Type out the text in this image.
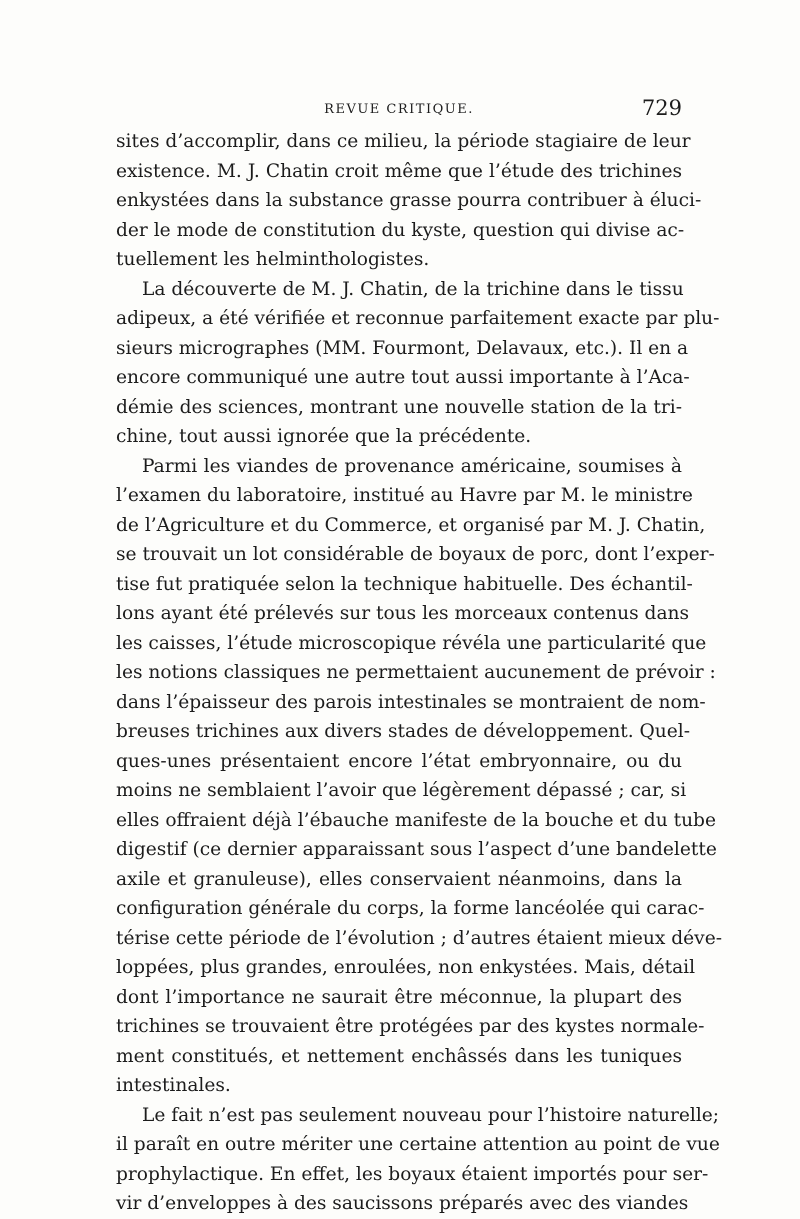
REVUE CRITIQUE.	729
sites d’accomplir, dans ce milieu, la période stagiaire de leur
existence. M. J. Chatin croit même que l’étude des trichines
enkystées dans la substance grasse pourra contribuer à éluci-
der le mode de constitution du kyste, question qui divise ac-
tuellement les helminthologistes.
La découverte de M. J. Chatin, de la trichine dans le tissu
adipeux, a été vérifiée et reconnue parfaitement exacte par plu-
sieurs micrographes (MM. Fourmont, Delavaux, etc.). Il en a
encore communiqué une autre tout aussi importante à l’Aca-
démie des sciences, montrant une nouvelle station de la tri-
chine, tout aussi ignorée que la précédente.
Parmi les viandes de provenance américaine, soumises à
l’examen du laboratoire, institué au Havre par M. le ministre
de l’Agriculture et du Commerce, et organisé par M. J. Chatin,
se trouvait un lot considérable de boyaux de porc, dont l’exper-
tise fut pratiquée selon la technique habituelle. Des échantil-
lons ayant été prélevés sur tous les morceaux contenus dans
les caisses, l’étude microscopique révéla une particularité que
les notions classiques ne permettaient aucunement de prévoir :
dans l’épaisseur des parois intestinales se montraient de nom-
breuses trichines aux divers stades de développement. Quel-
ques-unes présentaient encore l’état embryonnaire, ou du
moins ne semblaient l’avoir que légèrement dépassé ; car, si
elles offraient déjà l’ébauche manifeste de la bouche et du tube
digestif (ce dernier apparaissant sous l’aspect d’une bandelette
axile et granuleuse), elles conservaient néanmoins, dans la
configuration générale du corps, la forme lancéolée qui carac-
térise cette période de l’évolution ; d’autres étaient mieux déve-
loppées, plus grandes, enroulées, non enkystées. Mais, détail
dont l’importance ne saurait être méconnue, la plupart des
trichines se trouvaient être protégées par des kystes normale-
ment constitués, et nettement enchâssés dans les tuniques
intestinales.
Le fait n’est pas seulement nouveau pour l’histoire naturelle;
il paraît en outre mériter une certaine attention au point de vue
prophylactique. En effet, les boyaux étaient importés pour ser-
vir d’enveloppes à des saucissons préparés avec des viandes
